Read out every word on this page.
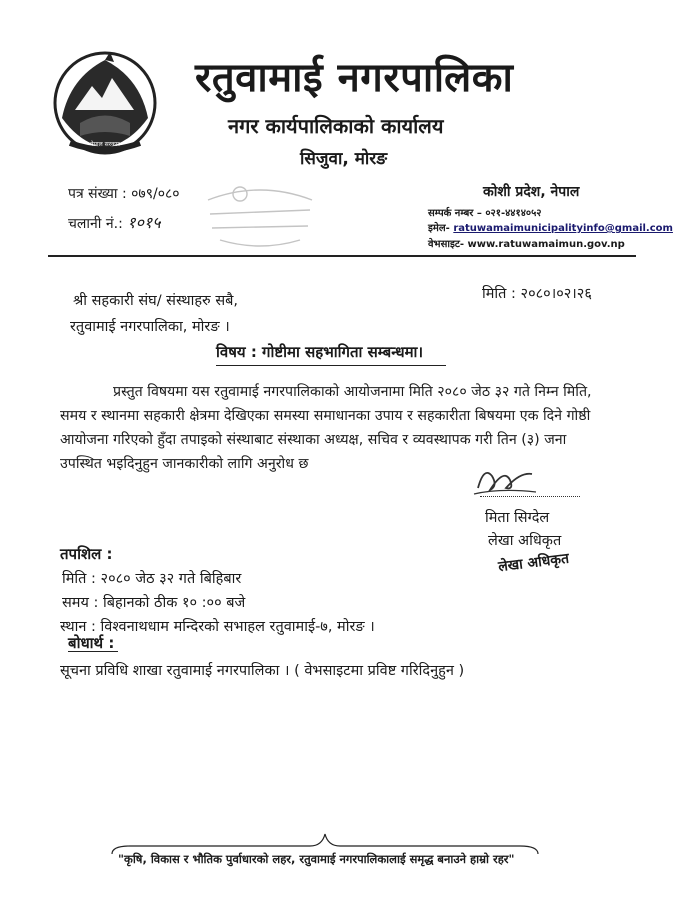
नेपाल सरकार
रतुवामाई नगरपालिका
नगर कार्यपालिकाको कार्यालय
सिजुवा, मोरङ
पत्र संख्या : ०७९/०८०
चलानी नं.: १०१५
कोशी प्रदेश, नेपाल
सम्पर्क नम्बर – ०२१-४४१४०५२
इमेल- ratuwamaimunicipalityinfo@gmail.com
वेभसाइट- www.ratuwamaimun.gov.np
मिति : २०८०।०२।२६
श्री सहकारी संघ/ संस्थाहरु सबै,
रतुवामाई नगरपालिका, मोरङ ।
विषय : गोष्टीमा सहभागिता सम्बन्धमा।
प्रस्तुत विषयमा यस रतुवामाई नगरपालिकाको आयोजनामा मिति २०८० जेठ ३२ गते निम्न मिति,
समय र स्थानमा सहकारी क्षेत्रमा देखिएका समस्या समाधानका उपाय र सहकारीता बिषयमा एक दिने गोष्ठी
आयोजना गरिएको हुँदा तपाइको संस्थाबाट संस्थाका अध्यक्ष, सचिव र व्यवस्थापक गरी तिन (३) जना
उपस्थित भइदिनुहुन जानकारीको लागि अनुरोध छ
मिता सिग्देल
लेखा अधिकृत
लेखा अधिकृत
तपशिल :
मिति : २०८० जेठ ३२ गते बिहिबार
समय : बिहानको ठीक १० :०० बजे
स्थान : विश्वनाथधाम मन्दिरको सभाहल रतुवामाई-७, मोरङ ।
बोधार्थ :
सूचना प्रविधि शाखा रतुवामाई नगरपालिका । ( वेभसाइटमा प्रविष्ट गरिदिनुहुन )
"कृषि, विकास र भौतिक पुर्वाधारको लहर, रतुवामाई नगरपालिकालाई समृद्ध बनाउने हाम्रो रहर"
